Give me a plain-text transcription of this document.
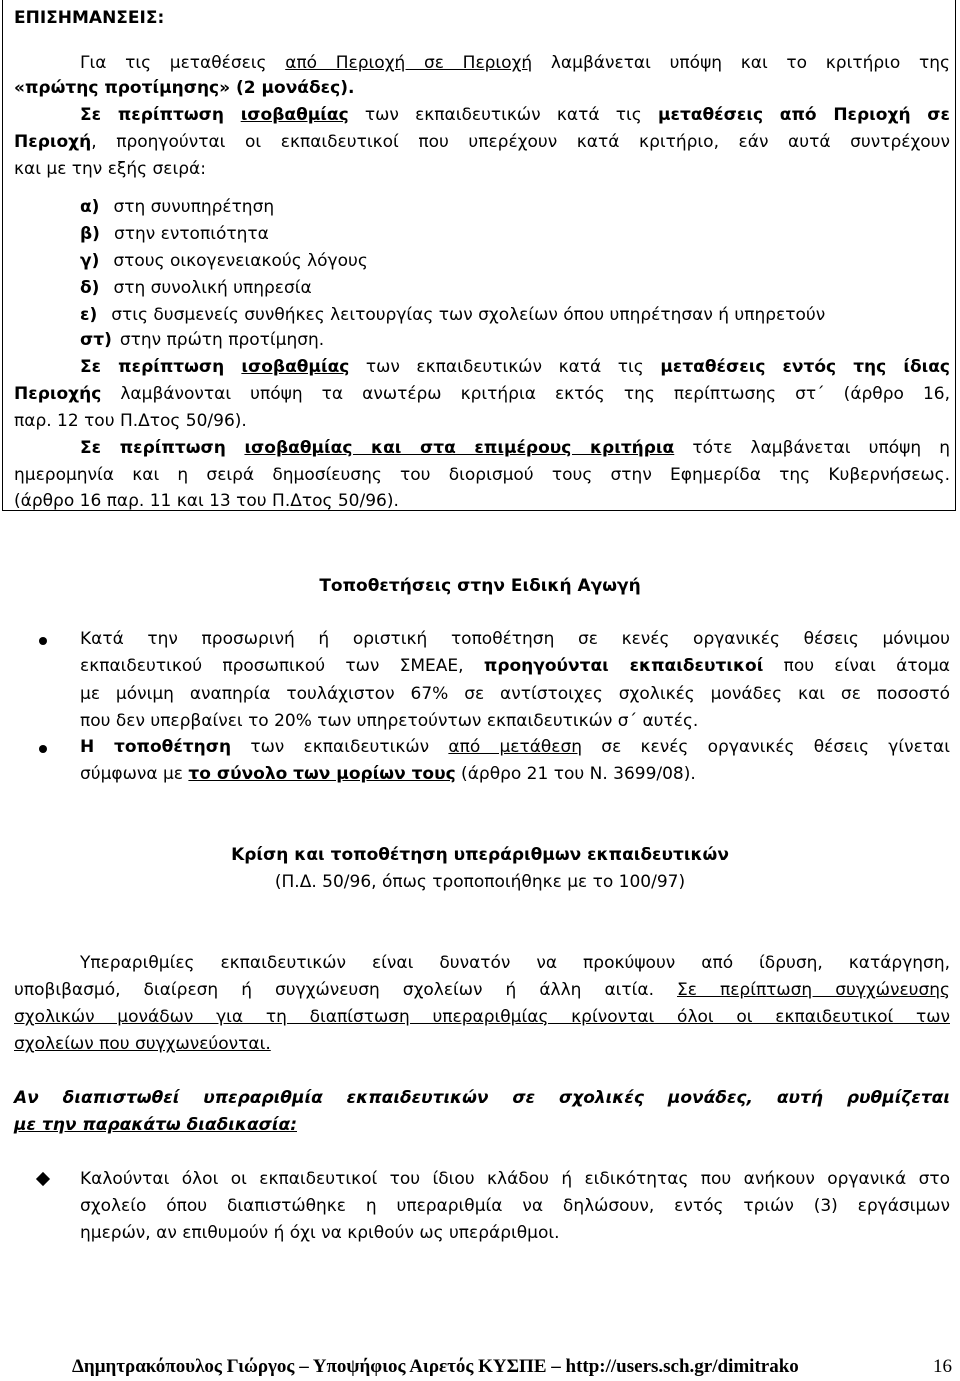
ΕΠΙΣΗΜΑΝΣΕΙΣ:
Για τις μεταθέσεις από Περιοχή σε Περιοχή λαμβάνεται υπόψη και το κριτήριο της
«πρώτης προτίμησης» (2 μονάδες).
Σε περίπτωση ισοβαθμίας των εκπαιδευτικών κατά τις μεταθέσεις από Περιοχή σε
Περιοχή, προηγούνται οι εκπαιδευτικοί που υπερέχουν κατά κριτήριο, εάν αυτά συντρέχουν
και με την εξής σειρά:
α) στη συνυπηρέτηση
β) στην εντοπιότητα
γ) στους οικογενειακούς λόγους
δ) στη συνολική υπηρεσία
ε) στις δυσμενείς συνθήκες λειτουργίας των σχολείων όπου υπηρέτησαν ή υπηρετούν
στ) στην πρώτη προτίμηση.
Σε περίπτωση ισοβαθμίας των εκπαιδευτικών κατά τις μεταθέσεις εντός της ίδιας
Περιοχής λαμβάνονται υπόψη τα ανωτέρω κριτήρια εκτός της περίπτωσης στ΄ (άρθρο 16,
παρ. 12 του Π.Δτος 50/96).
Σε περίπτωση ισοβαθμίας και στα επιμέρους κριτήρια τότε λαμβάνεται υπόψη η
ημερομηνία και η σειρά δημοσίευσης του διορισμού τους στην Εφημερίδα της Κυβερνήσεως.
(άρθρο 16 παρ. 11 και 13 του Π.Δτος 50/96).
Τοποθετήσεις στην Ειδική Αγωγή
Κατά την προσωρινή ή οριστική τοποθέτηση σε κενές οργανικές θέσεις μόνιμου
εκπαιδευτικού προσωπικού των ΣΜΕΑΕ, προηγούνται εκπαιδευτικοί που είναι άτομα
με μόνιμη αναπηρία τουλάχιστον 67% σε αντίστοιχες σχολικές μονάδες και σε ποσοστό
που δεν υπερβαίνει το 20% των υπηρετούντων εκπαιδευτικών σ΄ αυτές.
Η τοποθέτηση των εκπαιδευτικών από μετάθεση σε κενές οργανικές θέσεις γίνεται
σύμφωνα με το σύνολο των μορίων τους (άρθρο 21 του Ν. 3699/08).
Κρίση και τοποθέτηση υπεράριθμων εκπαιδευτικών
(Π.Δ. 50/96, όπως τροποποιήθηκε με το 100/97)
Υπεραριθμίες εκπαιδευτικών είναι δυνατόν να προκύψουν από ίδρυση, κατάργηση,
υποβιβασμό, διαίρεση ή συγχώνευση σχολείων ή άλλη αιτία. Σε περίπτωση συγχώνευσης
σχολικών μονάδων για τη διαπίστωση υπεραριθμίας κρίνονται όλοι οι εκπαιδευτικοί των
σχολείων που συγχωνεύονται.
Αν διαπιστωθεί υπεραριθμία εκπαιδευτικών σε σχολικές μονάδες, αυτή ρυθμίζεται
με την παρακάτω διαδικασία:
Καλούνται όλοι οι εκπαιδευτικοί του ίδιου κλάδου ή ειδικότητας που ανήκουν οργανικά στο
σχολείο όπου διαπιστώθηκε η υπεραριθμία να δηλώσουν, εντός τριών (3) εργάσιμων
ημερών, αν επιθυμούν ή όχι να κριθούν ως υπεράριθμοι.
Δημητρακόπουλος Γιώργος – Υποψήφιος Αιρετός ΚΥΣΠΕ – http://users.sch.gr/dimitrako	16
